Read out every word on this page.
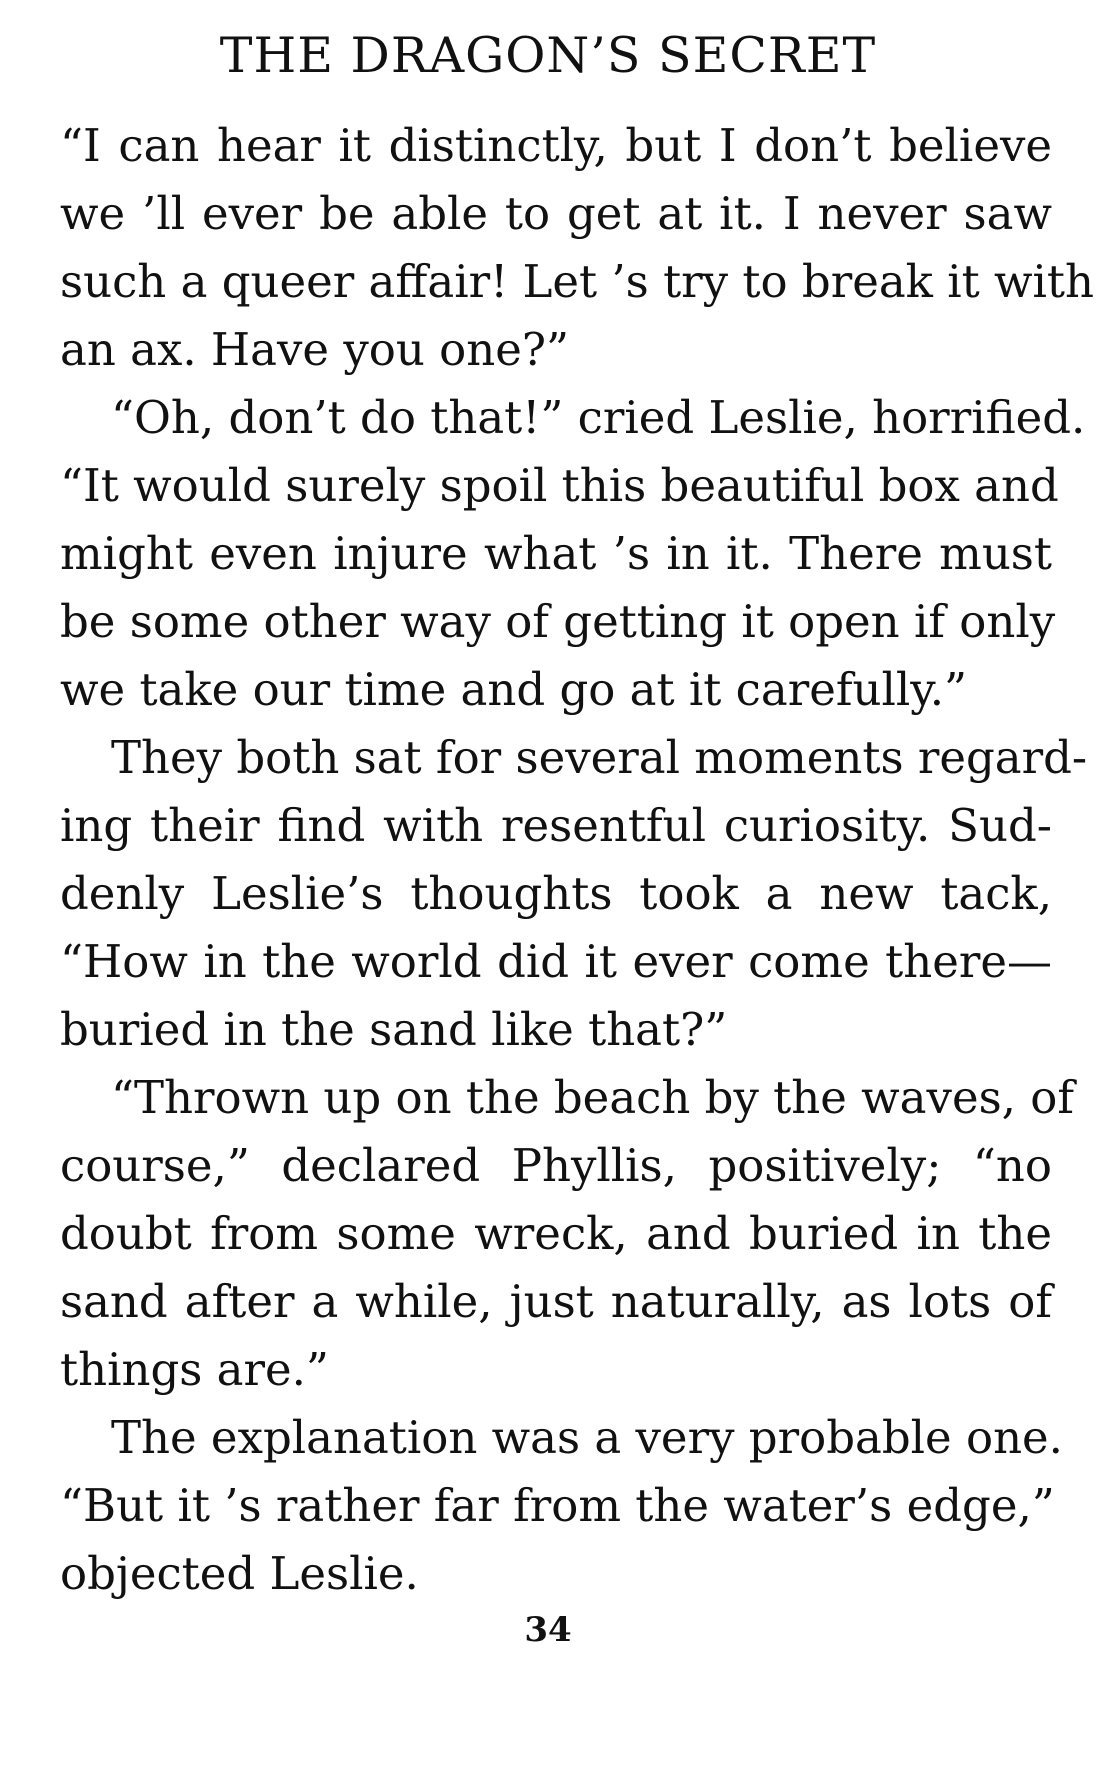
THE DRAGON’S SECRET
“I can hear it distinctly, but I don’t believe
we ’ll ever be able to get at it. I never saw
such a queer affair! Let ’s try to break it with
an ax. Have you one?”
“Oh, don’t do that!” cried Leslie, horrified.
“It would surely spoil this beautiful box and
might even injure what ’s in it. There must
be some other way of getting it open if only
we take our time and go at it carefully.”
They both sat for several moments regard-
ing their find with resentful curiosity. Sud-
denly Leslie’s thoughts took a new tack,
“How in the world did it ever come there—
buried in the sand like that?”
“Thrown up on the beach by the waves, of
course,” declared Phyllis, positively; “no
doubt from some wreck, and buried in the
sand after a while, just naturally, as lots of
things are.”
The explanation was a very probable one.
“But it ’s rather far from the water’s edge,”
objected Leslie.
34
